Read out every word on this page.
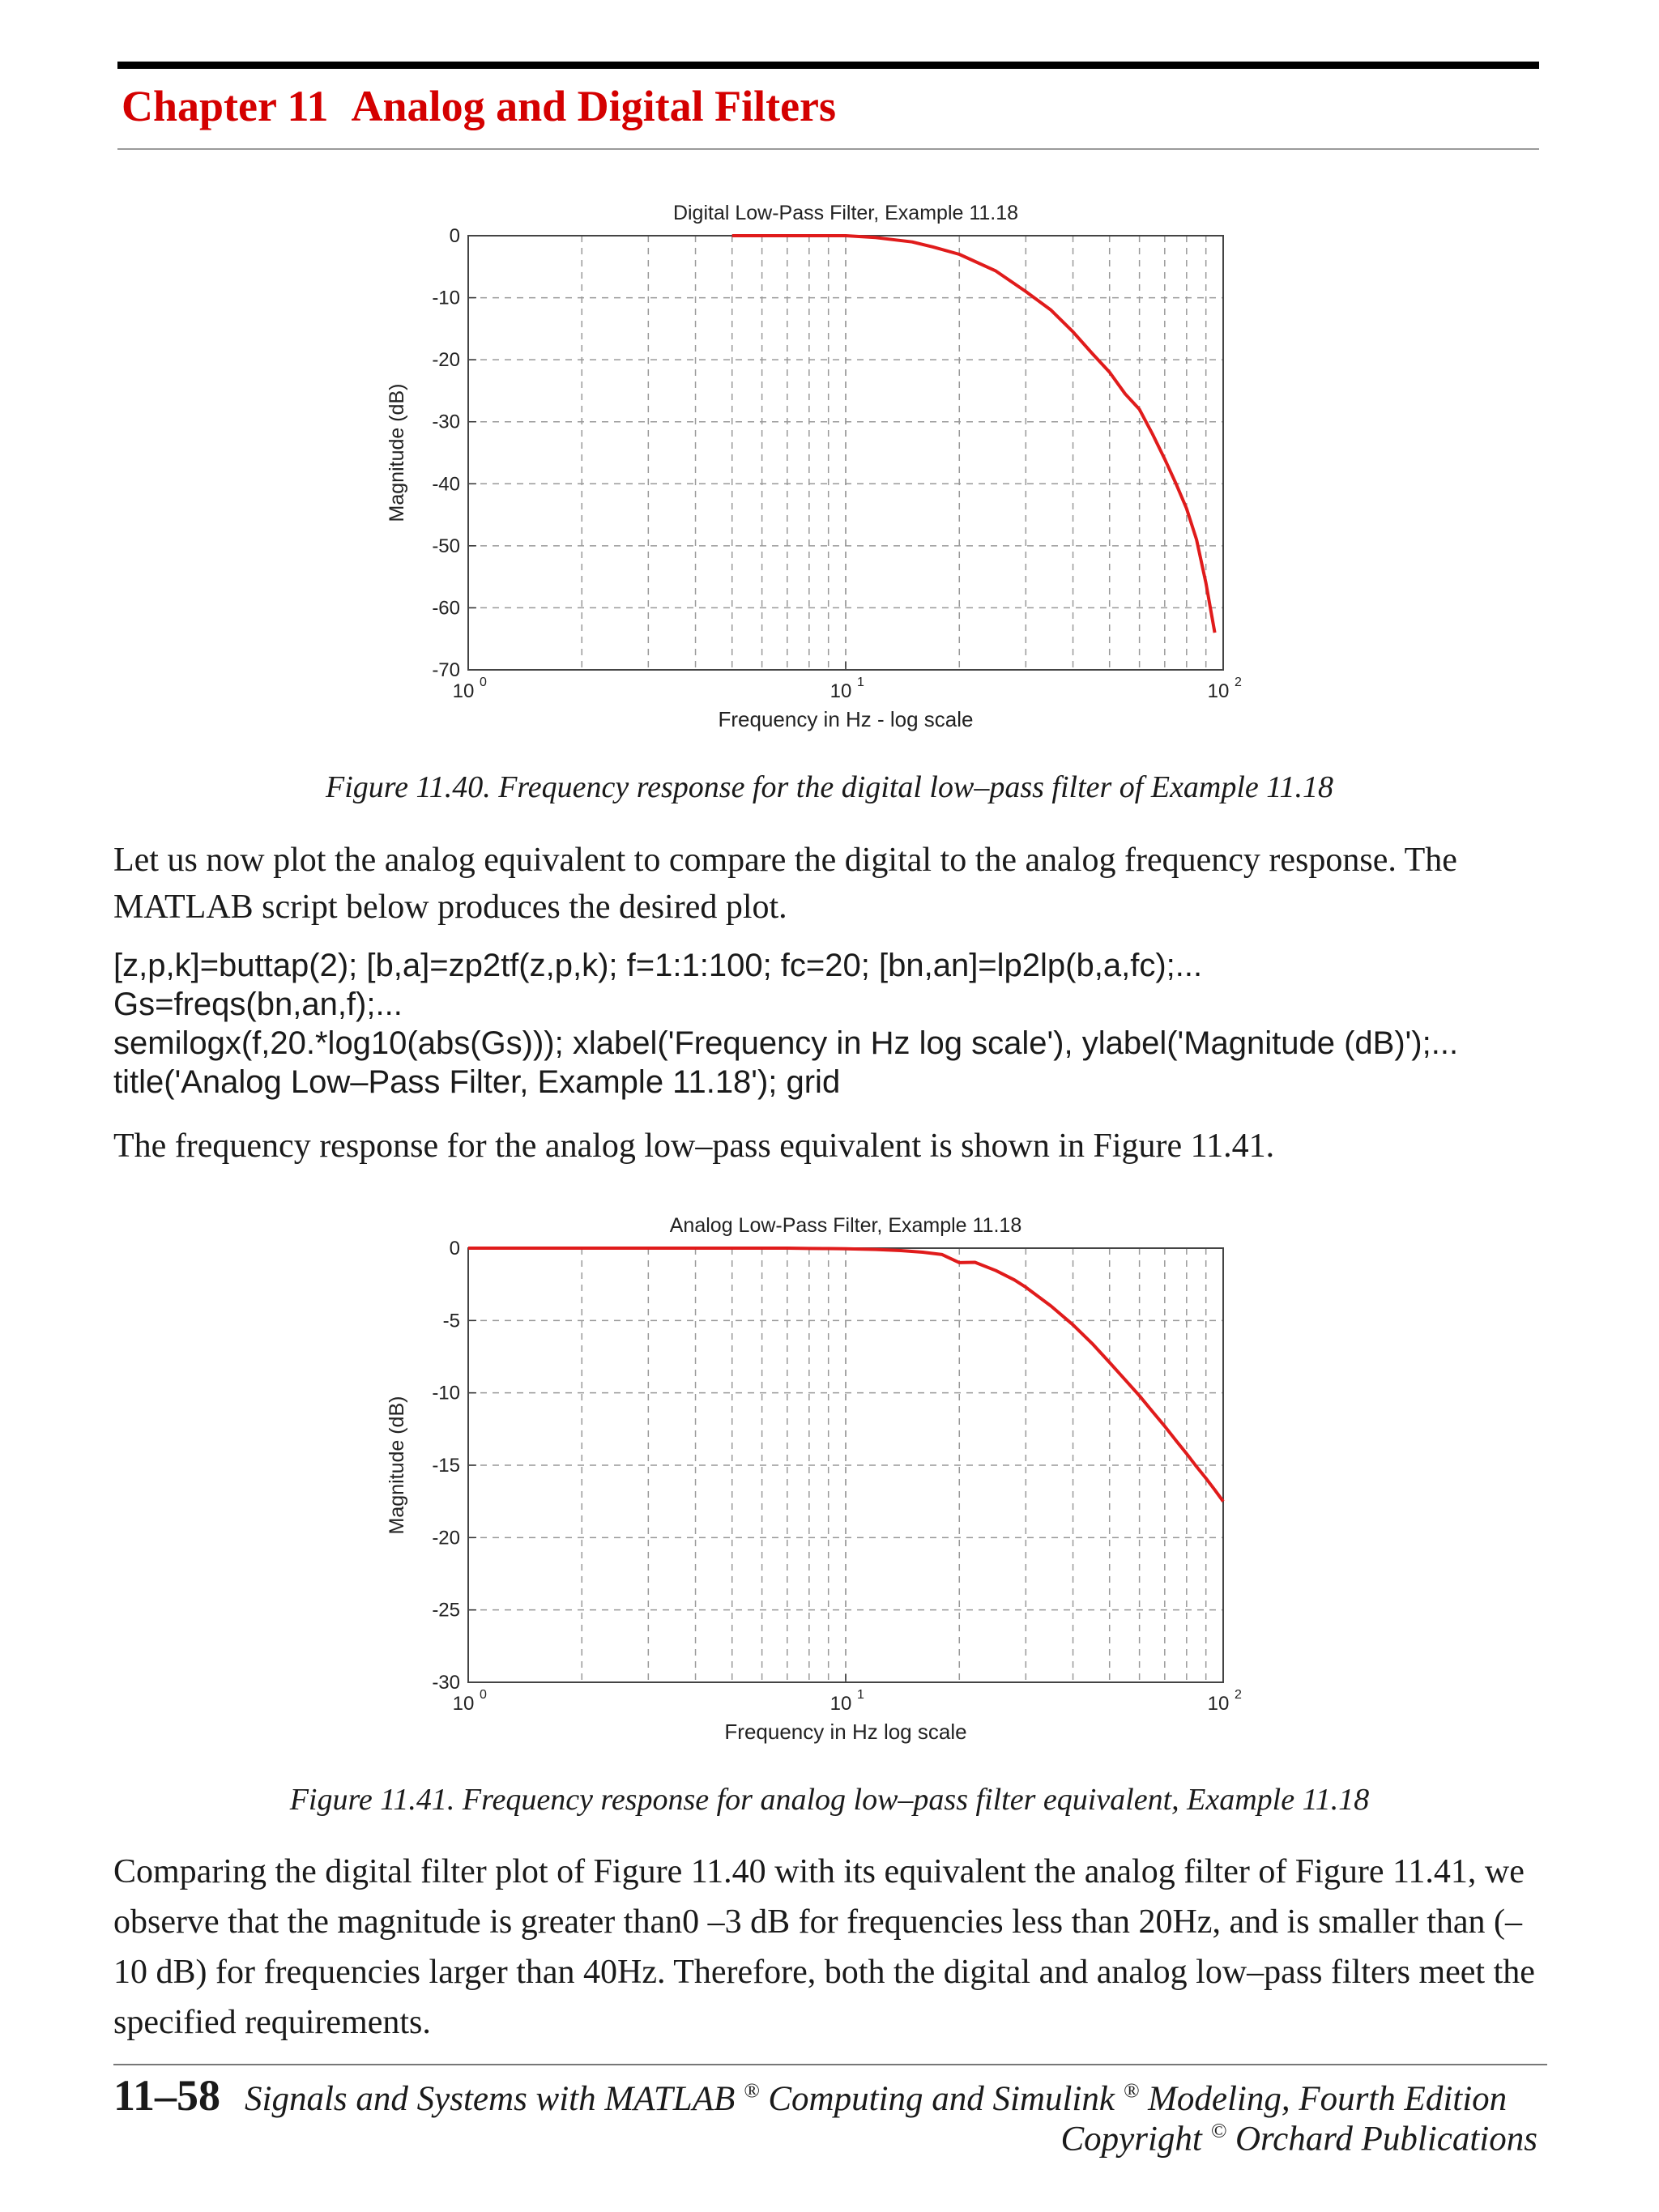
Chapter 11 Analog and Digital Filters
0
-10
-20
-30
-40
-50
-60
-70
10 0	10 1	10 2
Digital Low-Pass Filter, Example 11.18
Frequency in Hz - log scale
Magnitude (dB)
Figure 11.40. Frequency response for the digital low–pass filter of Example 11.18
Let us now plot the analog equivalent to compare the digital to the analog frequency response. The MATLAB script below produces the desired plot.
[z,p,k]=buttap(2); [b,a]=zp2tf(z,p,k); f=1:1:100; fc=20; [bn,an]=lp2lp(b,a,fc);...
Gs=freqs(bn,an,f);...
semilogx(f,20.*log10(abs(Gs))); xlabel('Frequency in Hz log scale'), ylabel('Magnitude (dB)');...
title('Analog Low–Pass Filter, Example 11.18'); grid
The frequency response for the analog low–pass equivalent is shown in Figure 11.41.
0
-5
-10
-15
-20
-25
-30
10 0	10 1	10 2
Analog Low-Pass Filter, Example 11.18
Frequency in Hz log scale
Magnitude (dB)
Figure 11.41. Frequency response for analog low–pass filter equivalent, Example 11.18
Comparing the digital filter plot of Figure 11.40 with its equivalent the analog filter of Figure 11.41, we observe that the magnitude is greater than0 –3 dB for frequencies less than 20Hz, and is smaller than (–10 dB) for frequencies larger than 40Hz. Therefore, both the digital and analog low–pass filters meet the specified requirements.
11–58 Signals and Systems with MATLAB ® Computing and Simulink ® Modeling, Fourth Edition
Copyright © Orchard Publications
